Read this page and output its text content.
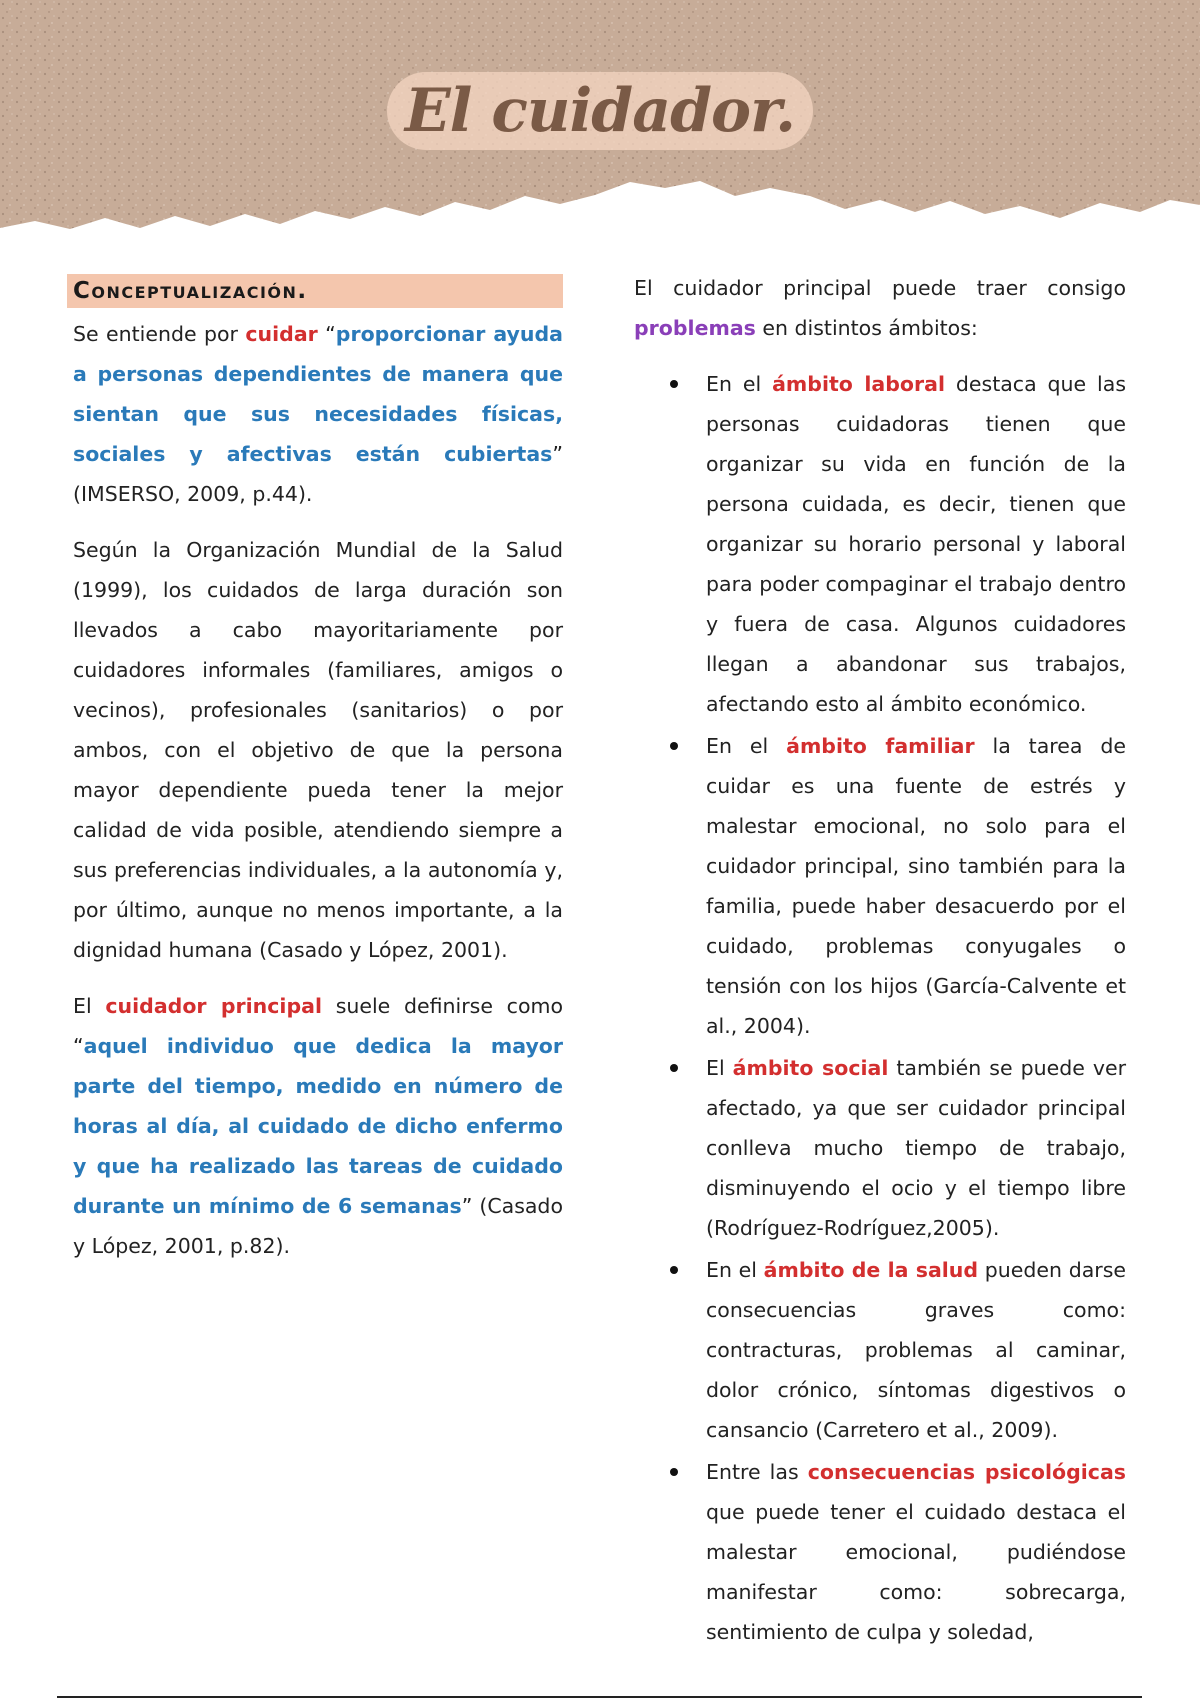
El cuidador.
Conceptualización.

Se entiende por cuidar “proporcionar ayuda a personas dependientes de manera que sientan que sus necesidades físicas, sociales y afectivas están cubiertas” (IMSERSO, 2009, p.44).

Según la Organización Mundial de la Salud (1999), los cuidados de larga duración son llevados a cabo mayoritariamente por cuidadores informales (familiares, amigos o vecinos), profesionales (sanitarios) o por ambos, con el objetivo de que la persona mayor dependiente pueda tener la mejor calidad de vida posible, atendiendo siempre a sus preferencias individuales, a la autonomía y, por último, aunque no menos importante, a la dignidad humana (Casado y López, 2001).

El cuidador principal suele definirse como “aquel individuo que dedica la mayor parte del tiempo, medido en número de horas al día, al cuidado de dicho enfermo y que ha realizado las tareas de cuidado durante un mínimo de 6 semanas” (Casado y López, 2001, p.82).

El cuidador principal puede traer consigo problemas en distintos ámbitos:

En el ámbito laboral destaca que las personas cuidadoras tienen que organizar su vida en función de la persona cuidada, es decir, tienen que organizar su horario personal y laboral para poder compaginar el trabajo dentro y fuera de casa. Algunos cuidadores llegan a abandonar sus trabajos, afectando esto al ámbito económico.
En el ámbito familiar la tarea de cuidar es una fuente de estrés y malestar emocional, no solo para el cuidador principal, sino también para la familia, puede haber desacuerdo por el cuidado, problemas conyugales o tensión con los hijos (García-Calvente et al., 2004).
El ámbito social también se puede ver afectado, ya que ser cuidador principal conlleva mucho tiempo de trabajo, disminuyendo el ocio y el tiempo libre (Rodríguez-Rodríguez,2005).
En el ámbito de la salud pueden darse consecuencias graves como: contracturas, problemas al caminar, dolor crónico, síntomas digestivos o cansancio (Carretero et al., 2009).
Entre las consecuencias psicológicas que puede tener el cuidado destaca el malestar emocional, pudiéndose manifestar como: sobrecarga, sentimiento de culpa y soledad,
